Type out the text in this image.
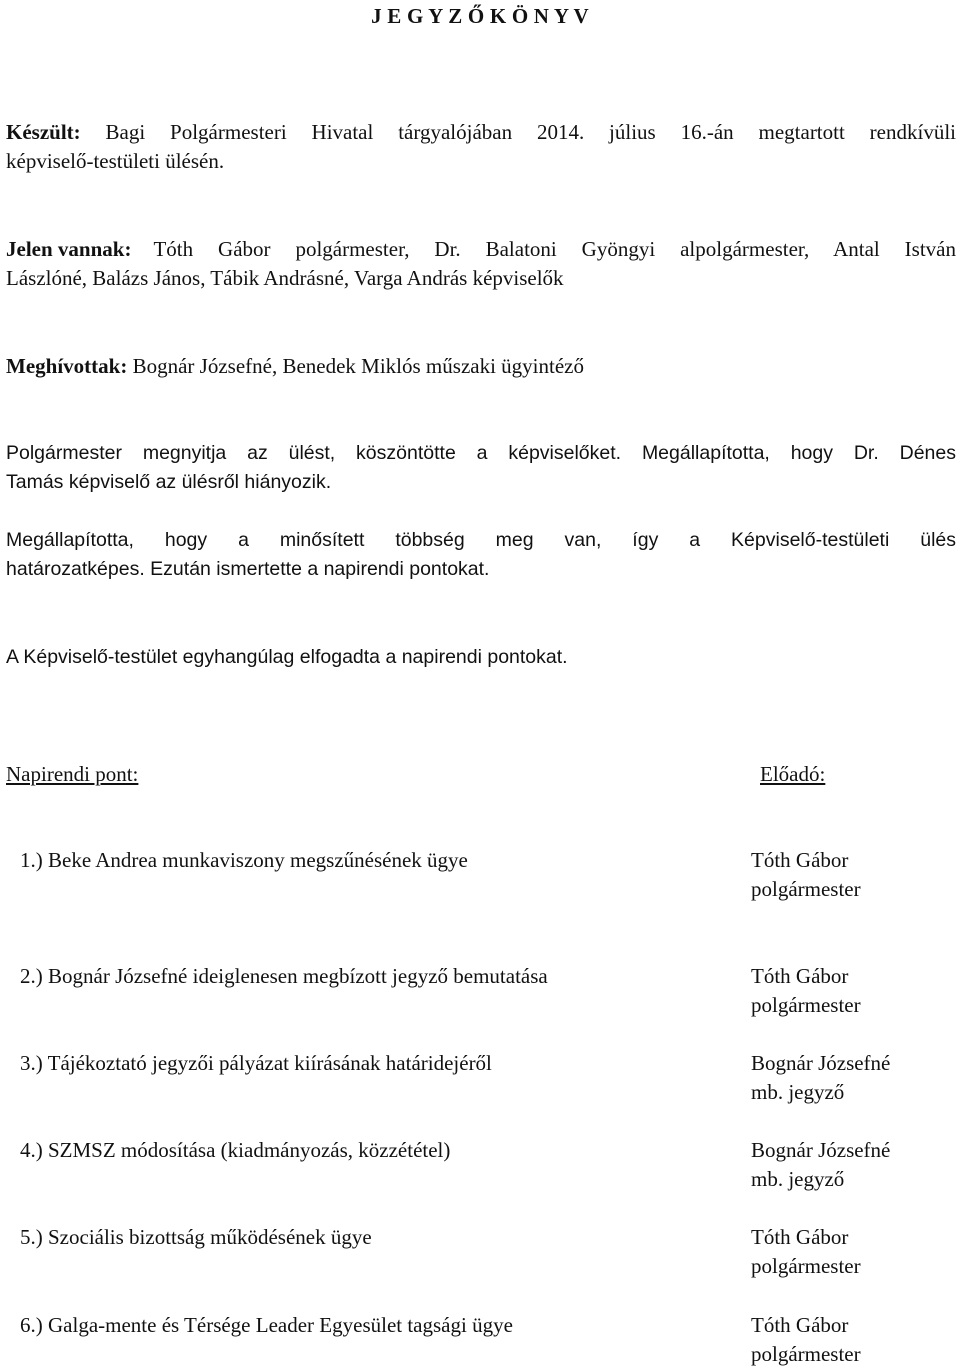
J E G Y Z Ő K Ö N Y V
Készült: Bagi Polgármesteri Hivatal tárgyalójában 2014. július 16.-án megtartott rendkívüli
képviselő-testületi ülésén.
Jelen vannak: Tóth Gábor polgármester, Dr. Balatoni Gyöngyi alpolgármester, Antal István
Lászlóné, Balázs János, Tábik Andrásné, Varga András képviselők
Meghívottak: Bognár Józsefné, Benedek Miklós műszaki ügyintéző
Polgármester megnyitja az ülést, köszöntötte a képviselőket. Megállapította, hogy Dr. Dénes
Tamás képviselő az ülésről hiányozik.
Megállapította, hogy a minősített többség meg van, így a Képviselő-testületi ülés
határozatképes. Ezután ismertette a napirendi pontokat.
A Képviselő-testület egyhangúlag elfogadta a napirendi pontokat.
Napirendi pont:	Előadó:
1.) Beke Andrea munkaviszony megszűnésének ügye	Tóth Gábor
polgármester
2.) Bognár Józsefné ideiglenesen megbízott jegyző bemutatása	Tóth Gábor
polgármester
3.) Tájékoztató jegyzői pályázat kiírásának határidejéről	Bognár Józsefné
mb. jegyző
4.) SZMSZ módosítása (kiadmányozás, közzététel)	Bognár Józsefné
mb. jegyző
5.) Szociális bizottság működésének ügye	Tóth Gábor
polgármester
6.) Galga-mente és Térsége Leader Egyesület tagsági ügye	Tóth Gábor
polgármester
